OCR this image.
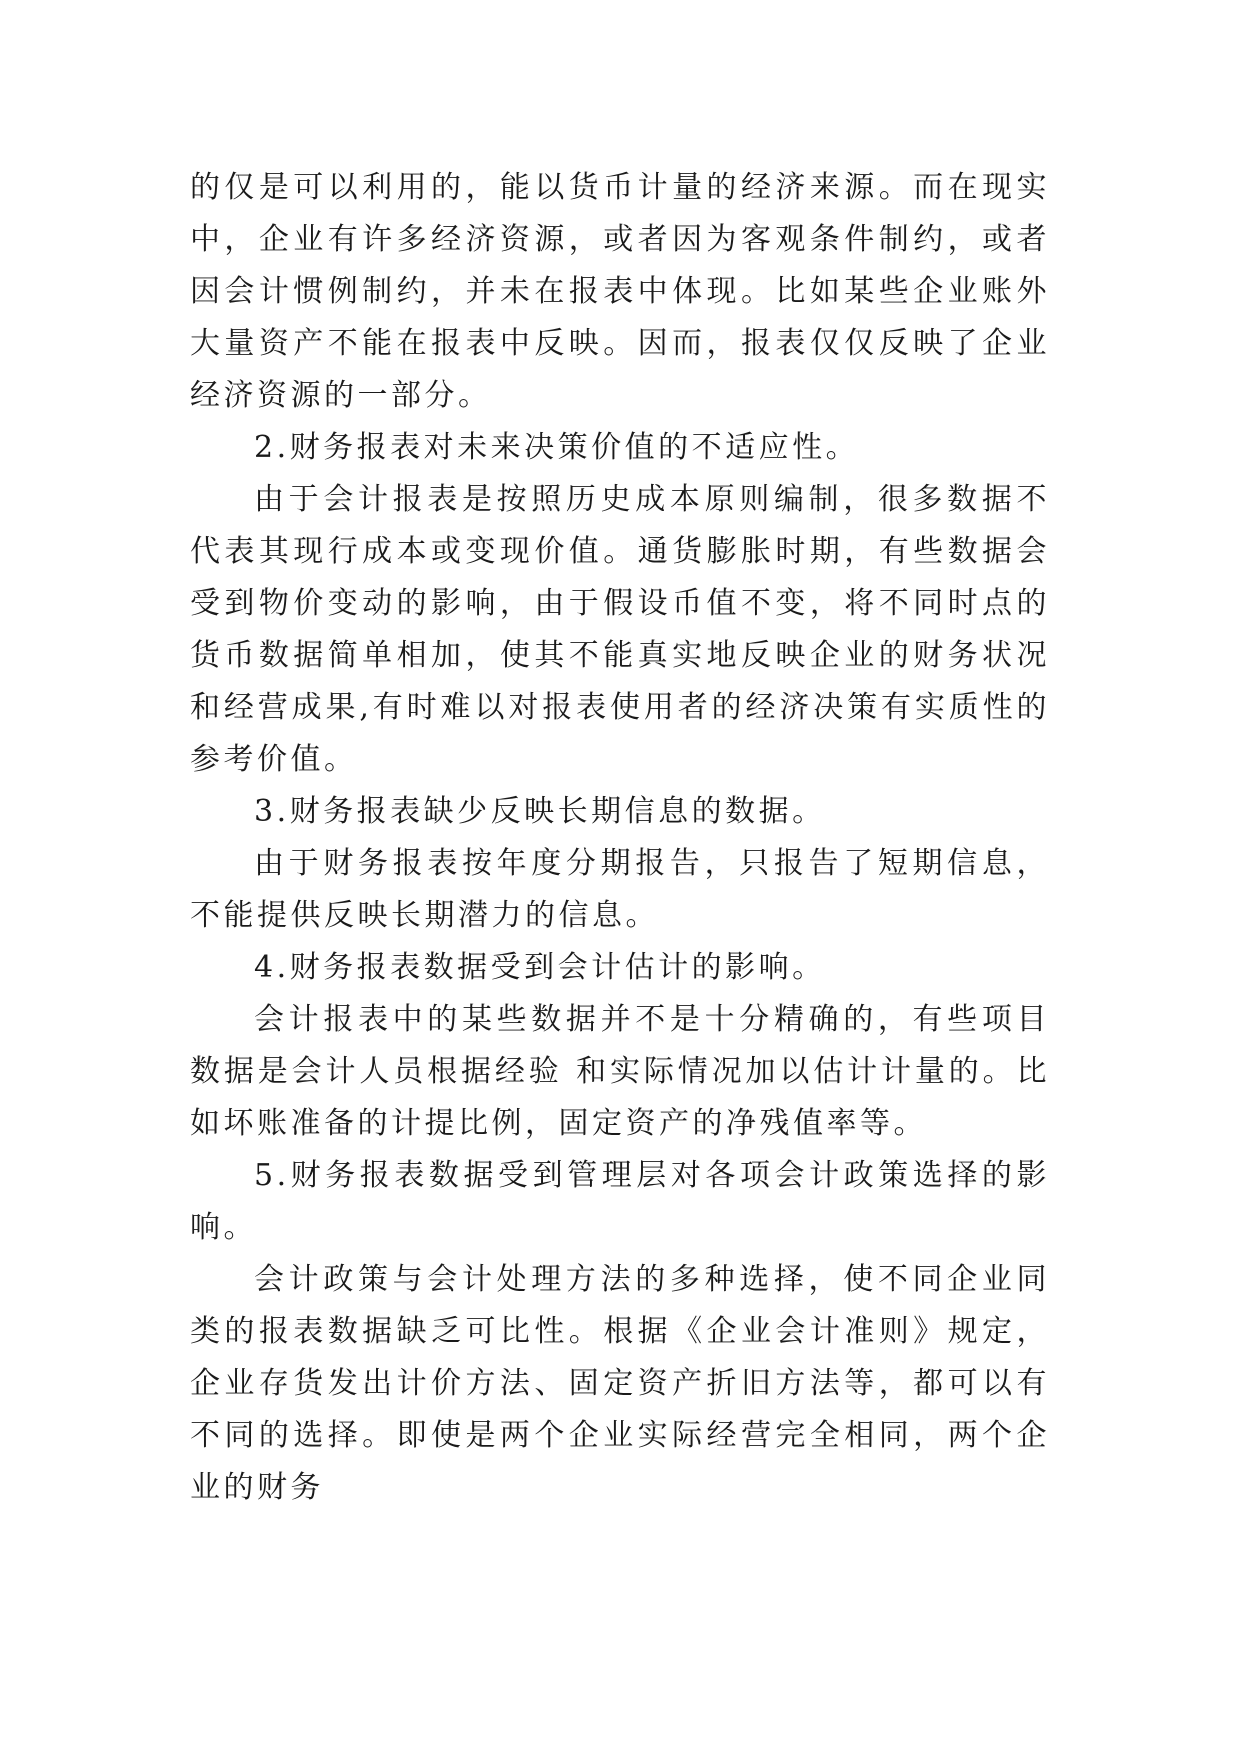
的仅是可以利用的，能以货币计量的经济来源。而在现实中，企业有许多经济资源，或者因为客观条件制约，或者因会计惯例制约，并未在报表中体现。比如某些企业账外大量资产不能在报表中反映。因而，报表仅仅反映了企业经济资源的一部分。

2.财务报表对未来决策价值的不适应性。

由于会计报表是按照历史成本原则编制，很多数据不代表其现行成本或变现价值。通货膨胀时期，有些数据会受到物价变动的影响，由于假设币值不变，将不同时点的货币数据简单相加，使其不能真实地反映企业的财务状况和经营成果,有时难以对报表使用者的经济决策有实质性的参考价值。

3.财务报表缺少反映长期信息的数据。

由于财务报表按年度分期报告，只报告了短期信息，不能提供反映长期潜力的信息。

4.财务报表数据受到会计估计的影响。

会计报表中的某些数据并不是十分精确的，有些项目数据是会计人员根据经验 和实际情况加以估计计量的。比如坏账准备的计提比例，固定资产的净残值率等。

5.财务报表数据受到管理层对各项会计政策选择的影响。

会计政策与会计处理方法的多种选择，使不同企业同类的报表数据缺乏可比性。根据《企业会计准则》规定，企业存货发出计价方法、固定资产折旧方法等，都可以有不同的选择。即使是两个企业实际经营完全相同，两个企业的财务
